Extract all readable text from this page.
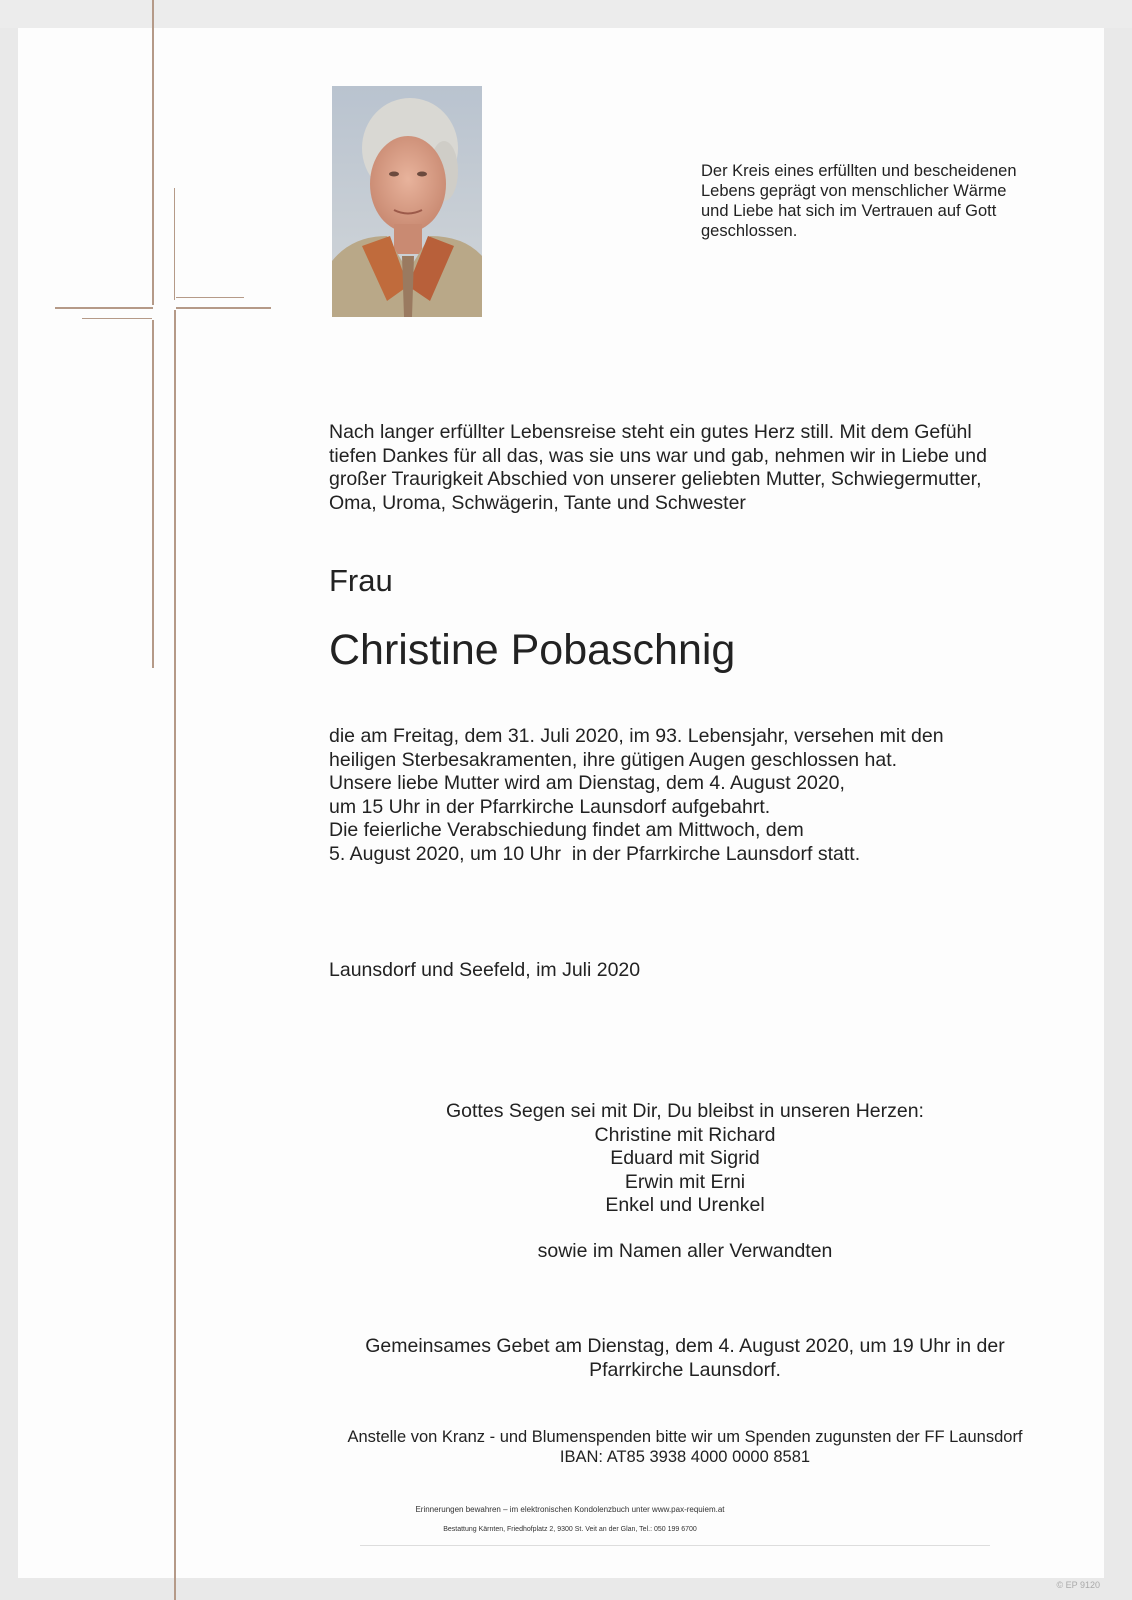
Der Kreis eines erfüllten und bescheidenen
Lebens geprägt von menschlicher Wärme
und Liebe hat sich im Vertrauen auf Gott
geschlossen.
Nach langer erfüllter Lebensreise steht ein gutes Herz still. Mit dem Gefühl
tiefen Dankes für all das, was sie uns war und gab, nehmen wir in Liebe und
großer Traurigkeit Abschied von unserer geliebten Mutter, Schwiegermutter,
Oma, Uroma, Schwägerin, Tante und Schwester
Frau
Christine Pobaschnig
die am Freitag, dem 31. Juli 2020, im 93. Lebensjahr, versehen mit den
heiligen Sterbesakramenten, ihre gütigen Augen geschlossen hat.
Unsere liebe Mutter wird am Dienstag, dem 4. August 2020,
um 15 Uhr in der Pfarrkirche Launsdorf aufgebahrt.
Die feierliche Verabschiedung findet am Mittwoch, dem
5. August 2020, um 10 Uhr  in der Pfarrkirche Launsdorf statt.
Launsdorf und Seefeld, im Juli 2020
Gottes Segen sei mit Dir, Du bleibst in unseren Herzen:
Christine mit Richard
Eduard mit Sigrid
Erwin mit Erni
Enkel und Urenkel
sowie im Namen aller Verwandten
Gemeinsames Gebet am Dienstag, dem 4. August 2020, um 19 Uhr in der
Pfarrkirche Launsdorf.
Anstelle von Kranz - und Blumenspenden bitte wir um Spenden zugunsten der FF Launsdorf
IBAN: AT85 3938 4000 0000 8581
Erinnerungen bewahren – im elektronischen Kondolenzbuch unter www.pax-requiem.at
Bestattung Kärnten, Friedhofplatz 2, 9300 St. Veit an der Glan, Tel.: 050 199 6700
© EP 9120
